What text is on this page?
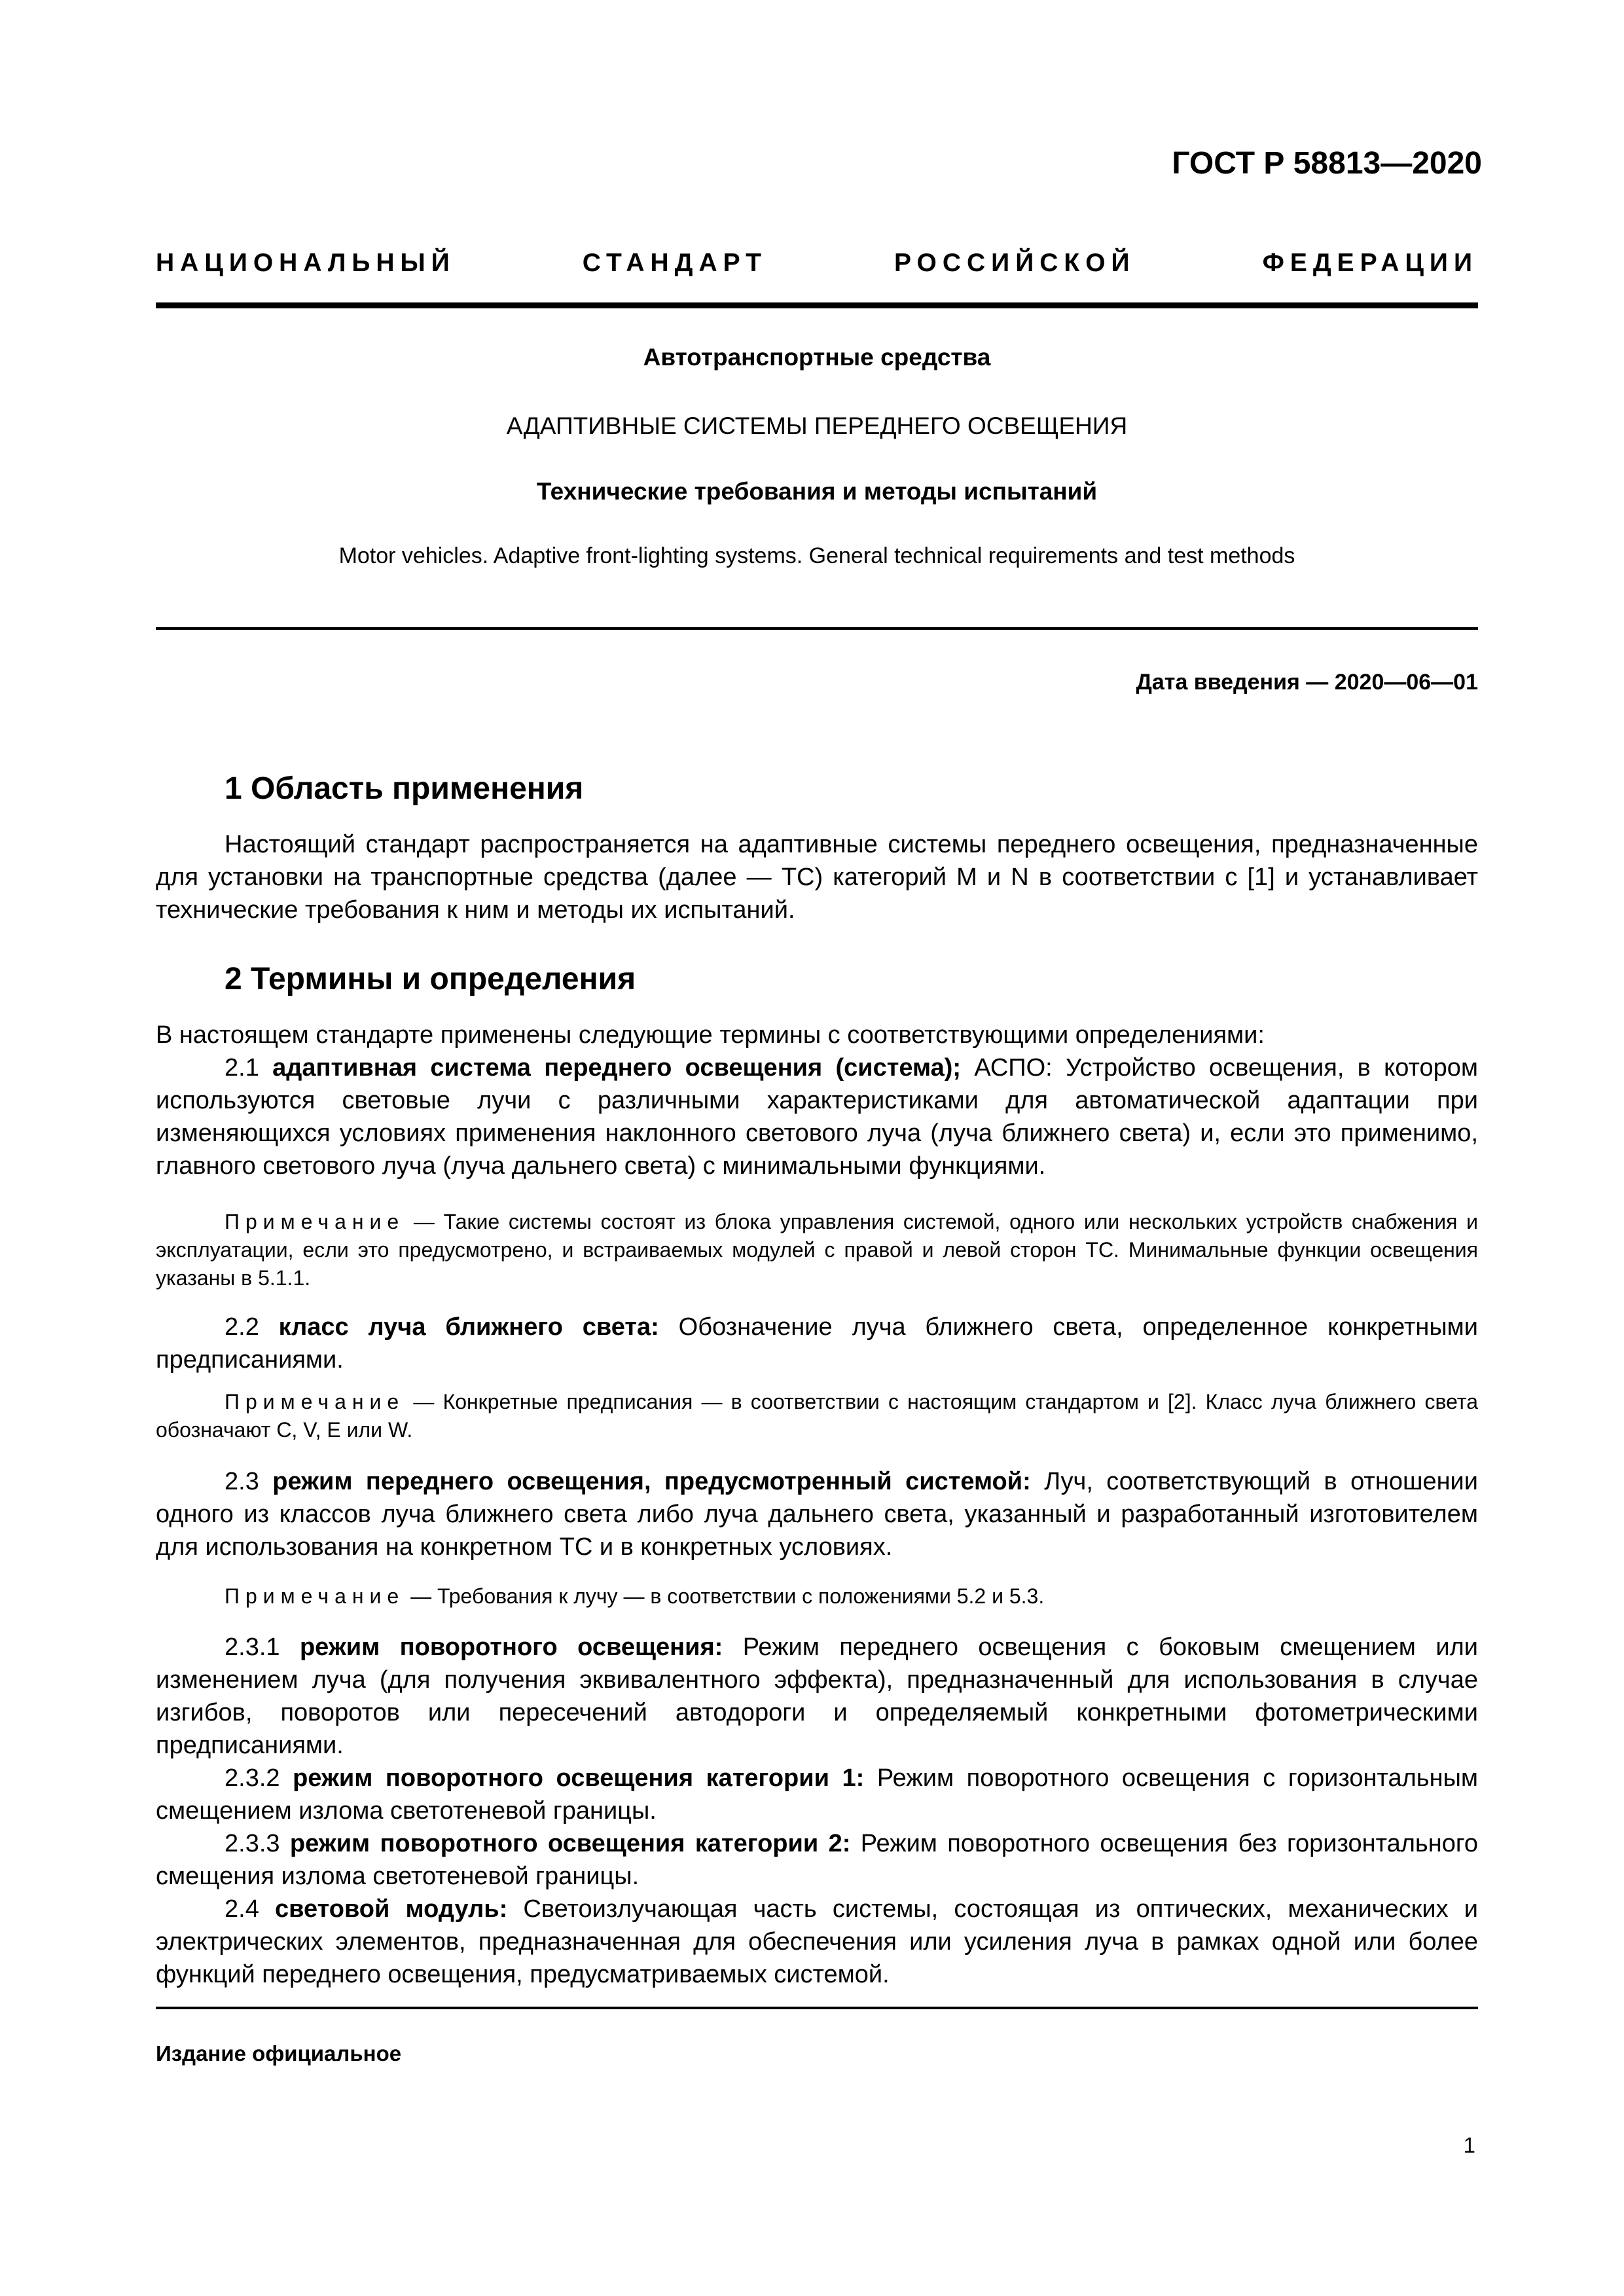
ГОСТ Р 58813—2020
НАЦИОНАЛЬНЫЙ	СТАНДАРТ	РОССИЙСКОЙ	ФЕДЕРАЦИИ
Автотранспортные средства
АДАПТИВНЫЕ СИСТЕМЫ ПЕРЕДНЕГО ОСВЕЩЕНИЯ
Технические требования и методы испытаний
Motor vehicles. Adaptive front-lighting systems. General technical requirements and test methods
Дата введения — 2020—06—01
1 Область применения

Настоящий стандарт распространяется на адаптивные системы переднего освещения, предназначенные для установки на транспортные средства (далее — ТС) категорий M и N в соответствии с [1] и устанавливает технические требования к ним и методы их испытаний.

2 Термины и определения

В настоящем стандарте применены следующие термины с соответствующими определениями:

2.1 адаптивная система переднего освещения (система); АСПО: Устройство освещения, в котором используются световые лучи с различными характеристиками для автоматической адаптации при изменяющихся условиях применения наклонного светового луча (луча ближнего света) и, если это применимо, главного светового луча (луча дальнего света) с минимальными функциями.

Примечание — Такие системы состоят из блока управления системой, одного или нескольких устройств снабжения и эксплуатации, если это предусмотрено, и встраиваемых модулей с правой и левой сторон ТС. Минимальные функции освещения указаны в 5.1.1.

2.2 класс луча ближнего света: Обозначение луча ближнего света, определенное конкретными предписаниями.

Примечание — Конкретные предписания — в соответствии с настоящим стандартом и [2]. Класс луча ближнего света обозначают C, V, E или W.

2.3 режим переднего освещения, предусмотренный системой: Луч, соответствующий в отношении одного из классов луча ближнего света либо луча дальнего света, указанный и разработанный изготовителем для использования на конкретном ТС и в конкретных условиях.

Примечание — Требования к лучу — в соответствии с положениями 5.2 и 5.3.

2.3.1 режим поворотного освещения: Режим переднего освещения с боковым смещением или изменением луча (для получения эквивалентного эффекта), предназначенный для использования в случае изгибов, поворотов или пересечений автодороги и определяемый конкретными фотометрическими предписаниями.

2.3.2 режим поворотного освещения категории 1: Режим поворотного освещения с горизонтальным смещением излома светотеневой границы.

2.3.3 режим поворотного освещения категории 2: Режим поворотного освещения без горизонтального смещения излома светотеневой границы.

2.4 световой модуль: Светоизлучающая часть системы, состоящая из оптических, механических и электрических элементов, предназначенная для обеспечения или усиления луча в рамках одной или более функций переднего освещения, предусматриваемых системой.

Издание официальное
1
